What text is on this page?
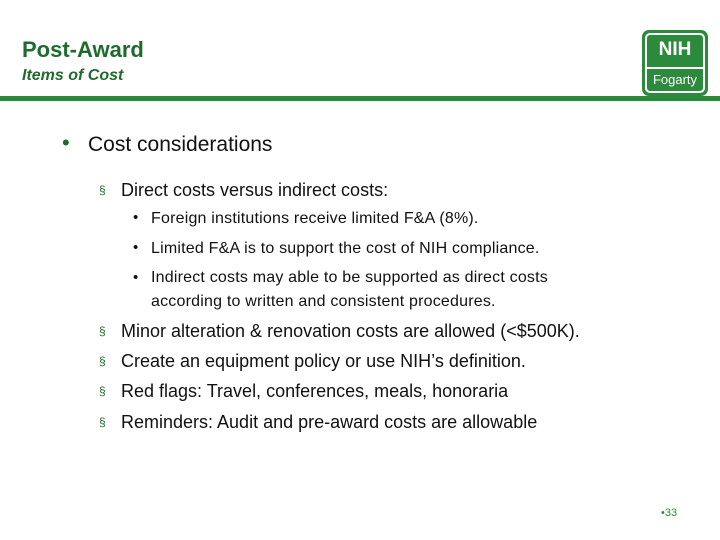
Post-Award
Items of Cost
NIH
Fogarty
• Cost considerations
§ Direct costs versus indirect costs:
• Foreign institutions receive limited F&A (8%).
• Limited F&A is to support the cost of NIH compliance.
• Indirect costs may able to be supported as direct costs
according to written and consistent procedures.
§ Minor alteration & renovation costs are allowed (<$500K).
§ Create an equipment policy or use NIH’s definition.
§ Red flags: Travel, conferences, meals, honoraria
§ Reminders: Audit and pre-award costs are allowable
•33
